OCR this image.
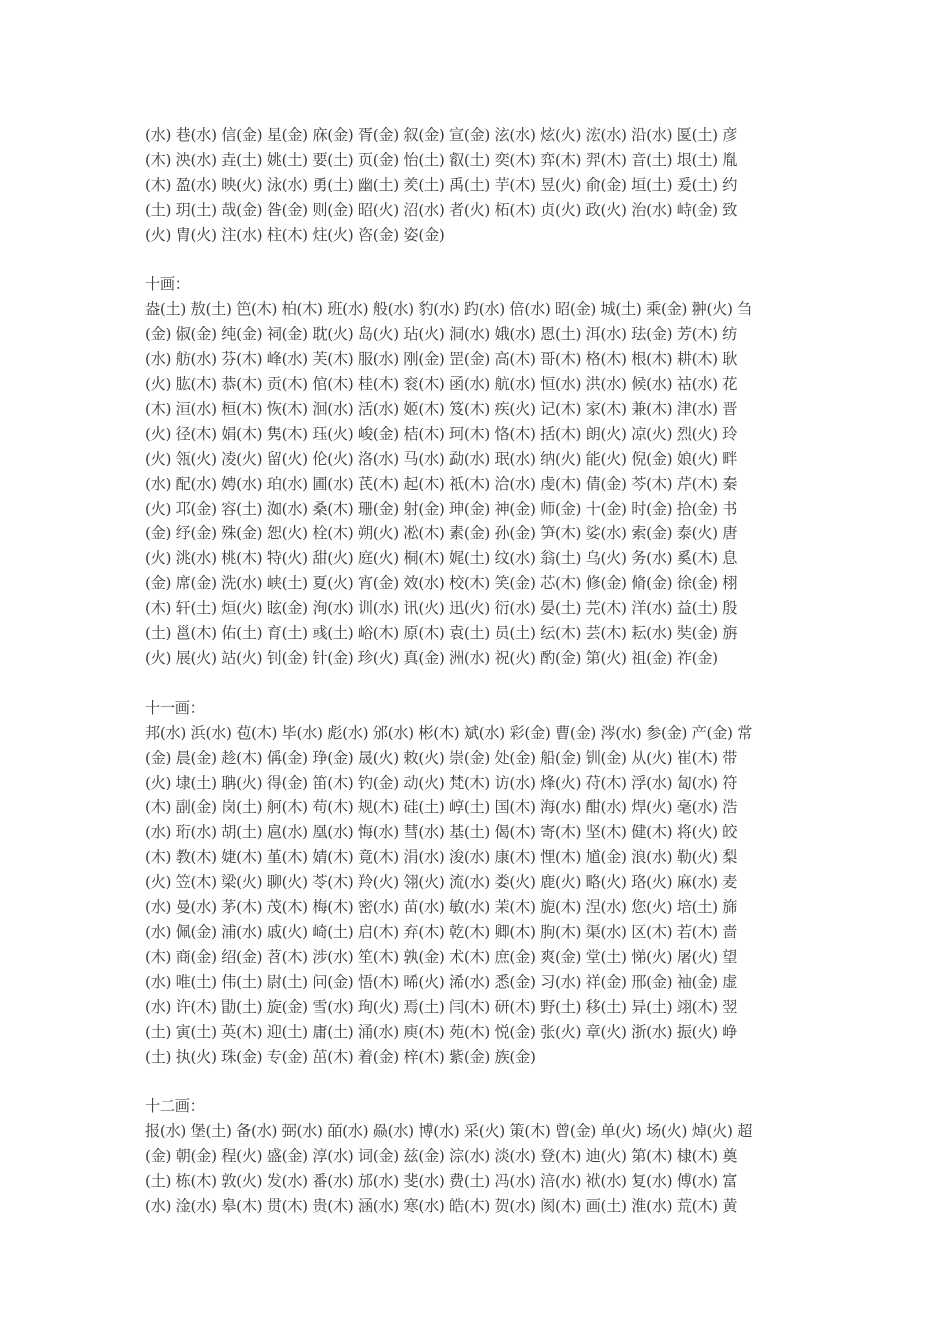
(水) 巷(水) 信(金) 星(金) 庥(金) 胥(金) 叙(金) 宣(金) 泫(水) 炫(火) 浤(水) 沿(水) 匽(土) 彦

(木) 泱(水) 垚(土) 姚(土) 要(土) 页(金) 怡(土) 叡(土) 奕(木) 弈(木) 羿(木) 音(土) 垠(土) 胤

(木) 盈(水) 映(火) 泳(水) 勇(土) 幽(土) 羑(土) 禹(土) 芋(木) 昱(火) 俞(金) 垣(土) 爰(土) 约

(土) 玥(土) 哉(金) 昝(金) 则(金) 昭(火) 沼(水) 者(火) 柘(木) 贞(火) 政(火) 治(水) 峙(金) 致

(火) 胄(火) 注(水) 柱(木) 炷(火) 咨(金) 姿(金)

十画：

盎(土) 敖(土) 笆(木) 柏(木) 班(水) 般(水) 豹(水) 趵(水) 倍(水) 昭(金) 城(土) 乘(金) 翀(火) 刍

(金) 俶(金) 纯(金) 祠(金) 耽(火) 岛(火) 玷(火) 洞(水) 娥(水) 恩(土) 洱(水) 珐(金) 芳(木) 纺

(水) 舫(水) 芬(木) 峰(水) 芙(木) 服(水) 刚(金) 罡(金) 高(木) 哥(木) 格(木) 根(木) 耕(木) 耿

(火) 肱(木) 恭(木) 贡(木) 倌(木) 桂(木) 衮(木) 函(水) 航(水) 恒(水) 洪(水) 候(水) 祜(水) 花

(木) 洹(水) 桓(木) 恢(木) 洄(水) 活(水) 姬(木) 笈(木) 疾(火) 记(木) 家(木) 兼(木) 津(水) 晋

(火) 径(木) 娟(木) 隽(木) 珏(火) 峻(金) 桔(木) 珂(木) 恪(木) 括(木) 朗(火) 凉(火) 烈(火) 玲

(火) 瓴(火) 凌(火) 留(火) 伦(火) 洛(水) 马(水) 勐(水) 珉(水) 纳(火) 能(火) 倪(金) 娘(火) 畔

(水) 配(水) 娉(水) 珀(水) 圃(水) 芪(木) 起(木) 祇(木) 洽(水) 虔(木) 倩(金) 芩(木) 芹(木) 秦

(火) 邛(金) 容(土) 洳(水) 桑(木) 珊(金) 射(金) 珅(金) 神(金) 师(金) 十(金) 时(金) 拾(金) 书

(金) 纾(金) 殊(金) 恕(火) 栓(木) 朔(火) 凇(木) 素(金) 孙(金) 笋(木) 娑(水) 索(金) 泰(火) 唐

(火) 洮(水) 桃(木) 特(火) 甜(火) 庭(火) 桐(木) 娓(土) 纹(水) 翁(土) 乌(火) 务(水) 奚(木) 息

(金) 席(金) 洗(水) 峡(土) 夏(火) 宵(金) 效(水) 校(木) 笑(金) 芯(木) 修(金) 脩(金) 徐(金) 栩

(木) 轩(土) 烜(火) 眩(金) 洵(水) 训(水) 讯(火) 迅(火) 衍(水) 晏(土) 芫(木) 洋(水) 益(土) 殷

(土) 邕(木) 佑(土) 育(土) 彧(土) 峪(木) 原(木) 袁(土) 员(土) 纭(木) 芸(木) 耘(水) 奘(金) 旃

(火) 展(火) 站(火) 钊(金) 针(金) 珍(火) 真(金) 洲(水) 祝(火) 酌(金) 第(火) 祖(金) 祚(金)

十一画：

邦(水) 浜(水) 苞(木) 毕(水) 彪(水) 邠(水) 彬(木) 斌(水) 彩(金) 曹(金) 涔(水) 参(金) 产(金) 常

(金) 晨(金) 趁(木) 偁(金) 琤(金) 晟(火) 敕(火) 崇(金) 处(金) 船(金) 钏(金) 从(火) 崔(木) 带

(火) 埭(土) 聃(火) 得(金) 笛(木) 钓(金) 动(火) 梵(木) 访(水) 烽(火) 苻(木) 浮(水) 匐(水) 符

(木) 副(金) 岗(土) 舸(木) 苟(木) 规(木) 硅(土) 崞(土) 国(木) 海(水) 酣(水) 焊(火) 毫(水) 浩

(水) 珩(水) 胡(土) 扈(水) 凰(水) 悔(水) 彗(水) 基(土) 偈(木) 寄(木) 坚(木) 健(木) 将(火) 皎

(木) 教(木) 婕(木) 堇(木) 婧(木) 竟(木) 涓(水) 浚(水) 康(木) 悝(木) 馗(金) 浪(水) 勒(火) 梨

(火) 笠(木) 梁(火) 聊(火) 苓(木) 羚(火) 翎(火) 流(水) 娄(火) 鹿(火) 略(火) 珞(火) 麻(水) 麦

(水) 曼(水) 茅(木) 茂(木) 梅(木) 密(水) 苗(水) 敏(水) 茉(木) 旎(木) 涅(水) 您(火) 培(土) 旆

(水) 佩(金) 浦(水) 戚(火) 崎(土) 启(木) 弃(木) 乾(木) 卿(木) 朐(木) 渠(水) 区(木) 若(木) 啬

(木) 商(金) 绍(金) 苕(木) 涉(水) 笙(木) 孰(金) 术(木) 庶(金) 爽(金) 堂(土) 悌(火) 屠(火) 望

(水) 唯(土) 伟(土) 尉(土) 问(金) 悟(木) 晞(火) 浠(水) 悉(金) 习(水) 祥(金) 邢(金) 袖(金) 虚

(水) 许(木) 勖(土) 旋(金) 雪(水) 珣(火) 焉(土) 闫(木) 研(木) 野(土) 移(土) 异(土) 翊(木) 翌

(土) 寅(土) 英(木) 迎(土) 庸(土) 涌(水) 庾(木) 苑(木) 悦(金) 张(火) 章(火) 浙(水) 振(火) 峥

(土) 执(火) 珠(金) 专(金) 茁(木) 着(金) 梓(木) 紫(金) 族(金)

十二画：

报(水) 堡(土) 备(水) 弼(水) 皕(水) 赑(水) 博(水) 采(火) 策(木) 曾(金) 单(火) 场(火) 焯(火) 超

(金) 朝(金) 程(火) 盛(金) 淳(水) 词(金) 兹(金) 淙(水) 淡(水) 登(木) 迪(火) 第(木) 棣(木) 奠

(土) 栋(木) 敦(火) 发(水) 番(水) 邡(水) 斐(水) 费(土) 冯(水) 涪(水) 袱(水) 复(水) 傅(水) 富

(水) 淦(水) 皋(木) 贯(木) 贵(木) 涵(水) 寒(水) 皓(木) 贺(水) 阂(木) 画(土) 淮(水) 荒(木) 黄
